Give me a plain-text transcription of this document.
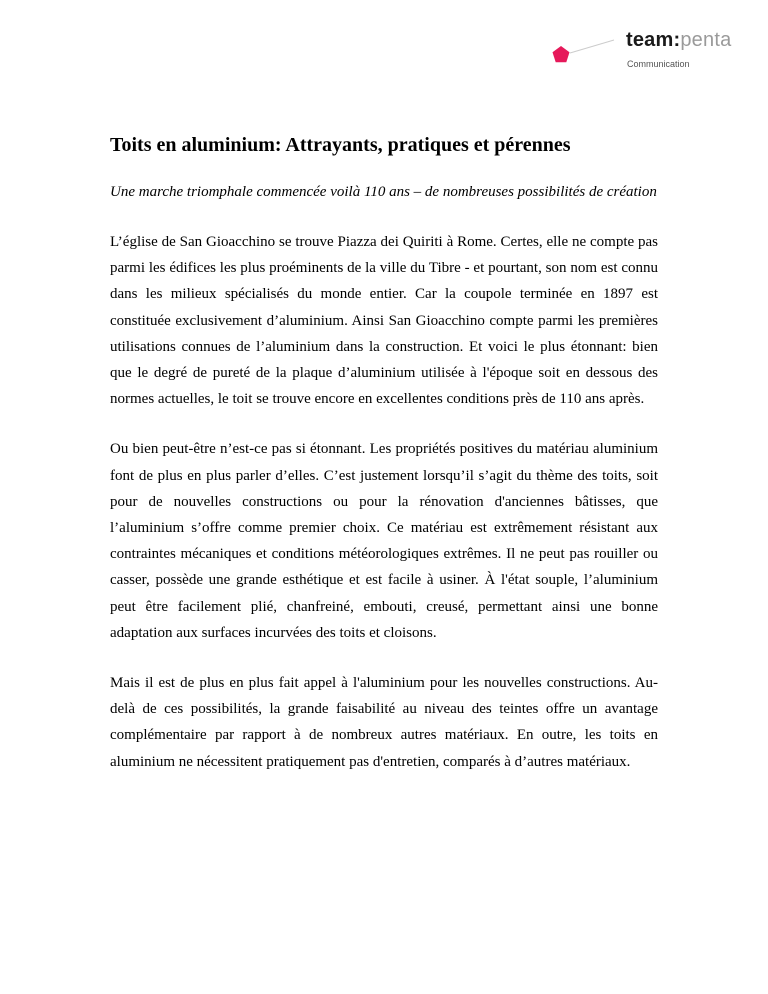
team:penta
Communication
Toits en aluminium: Attrayants, pratiques et pérennes

Une marche triomphale commencée voilà 110 ans – de nombreuses possibilités de création

L’église de San Gioacchino se trouve Piazza dei Quiriti à Rome. Certes, elle ne compte pas parmi les édifices les plus proéminents de la ville du Tibre - et pourtant, son nom est connu dans les milieux spécialisés du monde entier. Car la coupole terminée en 1897 est constituée exclusivement d’aluminium. Ainsi San Gioacchino compte parmi les premières utilisations connues de l’aluminium dans la construction. Et voici le plus étonnant: bien que le degré de pureté de la plaque d’aluminium utilisée à l'époque soit en dessous des normes actuelles, le toit se trouve encore en excellentes conditions près de 110 ans après.

Ou bien peut-être n’est-ce pas si étonnant. Les propriétés positives du matériau aluminium font de plus en plus parler d’elles. C’est justement lorsqu’il s’agit du thème des toits, soit pour de nouvelles constructions ou pour la rénovation d'anciennes bâtisses, que l’aluminium s’offre comme premier choix. Ce matériau est extrêmement résistant aux contraintes mécaniques et conditions météorologiques extrêmes. Il ne peut pas rouiller ou casser, possède une grande esthétique et est facile à usiner. À l'état souple, l’aluminium peut être facilement plié, chanfreiné, embouti, creusé, permettant ainsi une bonne adaptation aux surfaces incurvées des toits et cloisons.

Mais il est de plus en plus fait appel à l'aluminium pour les nouvelles constructions. Au-delà de ces possibilités, la grande faisabilité au niveau des teintes offre un avantage complémentaire par rapport à de nombreux autres matériaux. En outre, les toits en aluminium ne nécessitent pratiquement pas d'entretien, comparés à d’autres matériaux.
